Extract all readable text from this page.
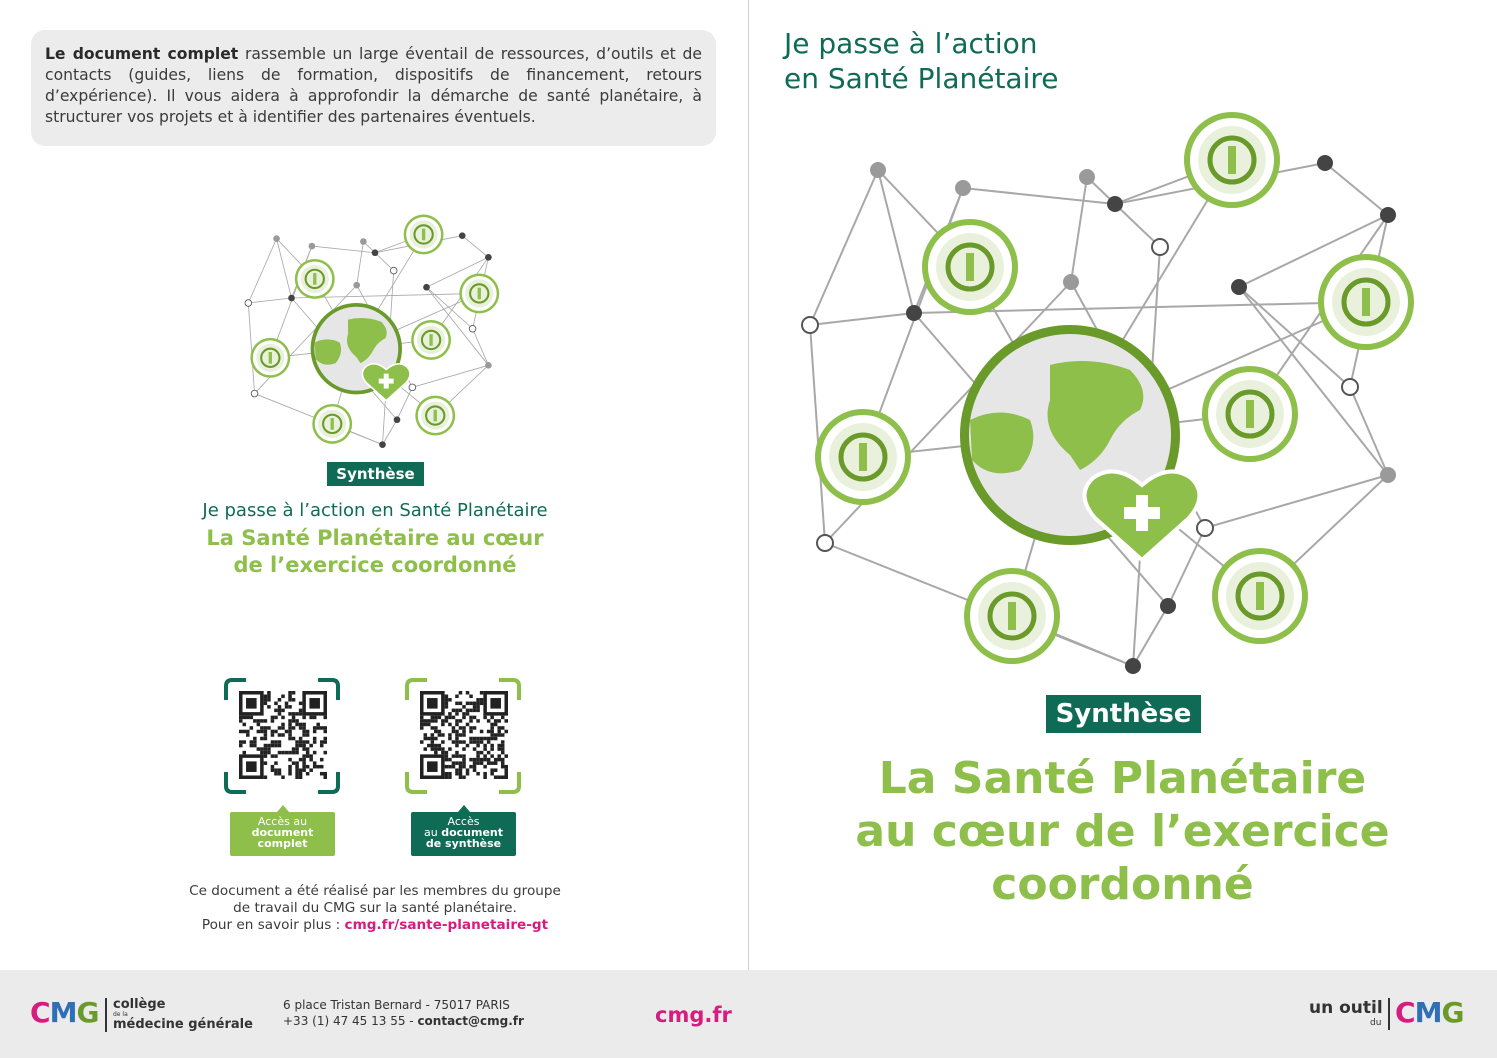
Le document complet rassemble un large éventail de ressources, d’outils et de contacts (guides, liens de formation, dispositifs de financement, retours d’expérience). Il vous aidera à approfondir la démarche de santé planétaire, à structurer vos projets et à identifier des partenaires éventuels.

Synthèse
Je passe à l’action en Santé Planétaire
La Santé Planétaire au cœur
de l’exercice coordonné
Accès au
document
complet
Accès
au document
de synthèse
Ce document a été réalisé par les membres du groupe
de travail du CMG sur la santé planétaire.
Pour en savoir plus : cmg.fr/sante-planetaire-gt
CMG collège
de la
médecine générale
6 place Tristan Bernard - 75017 PARIS
+33 (1) 47 45 13 55 - contact@cmg.fr	cmg.fr	un outil
du CMG
Je passe à l’action
en Santé Planétaire
Synthèse
La Santé Planétaire
au cœur de l’exercice
coordonné
